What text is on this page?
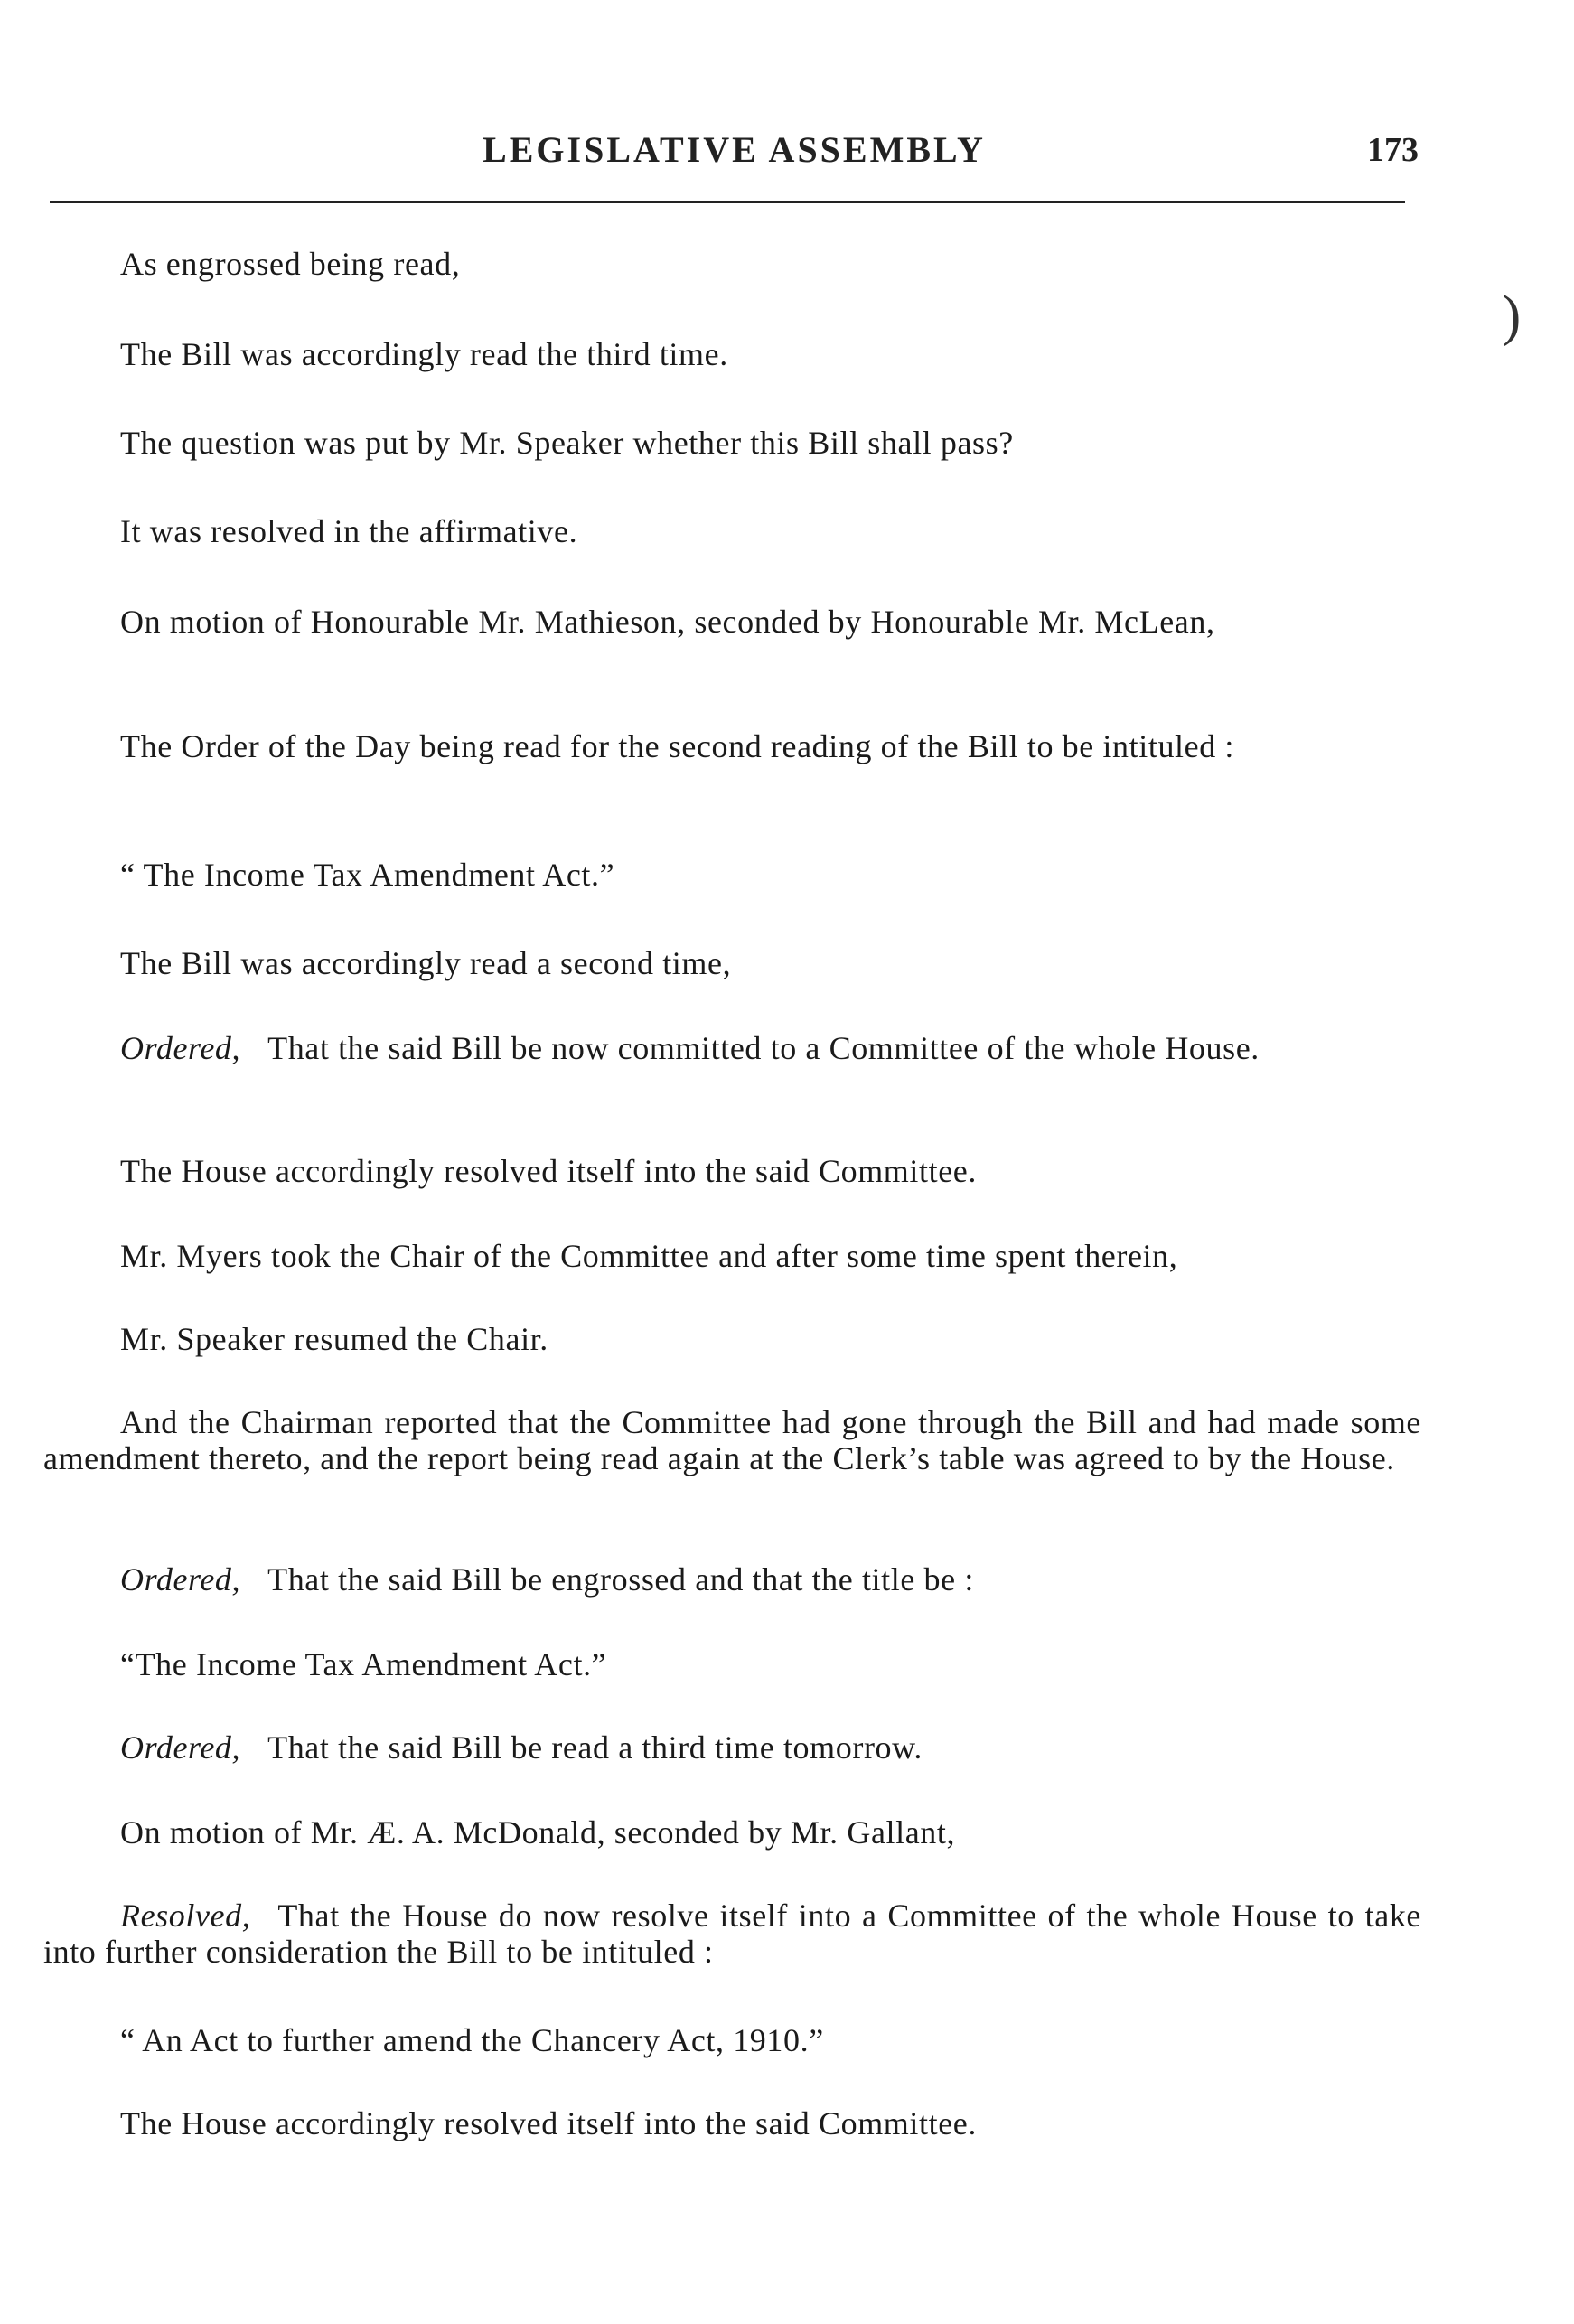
LEGISLATIVE ASSEMBLY	173

As engrossed being read,

The Bill was accordingly read the third time.

The question was put by Mr. Speaker whether this Bill shall pass?

It was resolved in the affirmative.

On motion of Honourable Mr. Mathieson, seconded by Honourable Mr. McLean,

The Order of the Day being read for the second reading of the Bill to be intituled :

“ The Income Tax Amendment Act.”

The Bill was accordingly read a second time,

Ordered, That the said Bill be now committed to a Committee of the whole House.

The House accordingly resolved itself into the said Committee.

Mr. Myers took the Chair of the Committee and after some time spent therein,

Mr. Speaker resumed the Chair.

And the Chairman reported that the Committee had gone through the Bill and had made some amendment thereto, and the report being read again at the Clerk’s table was agreed to by the House.

Ordered, That the said Bill be engrossed and that the title be :

“The Income Tax Amendment Act.”

Ordered, That the said Bill be read a third time tomorrow.

On motion of Mr. Æ. A. McDonald, seconded by Mr. Gallant,

Resolved, That the House do now resolve itself into a Committee of the whole House to take into further consideration the Bill to be intituled :

“ An Act to further amend the Chancery Act, 1910.”

The House accordingly resolved itself into the said Committee.

)
